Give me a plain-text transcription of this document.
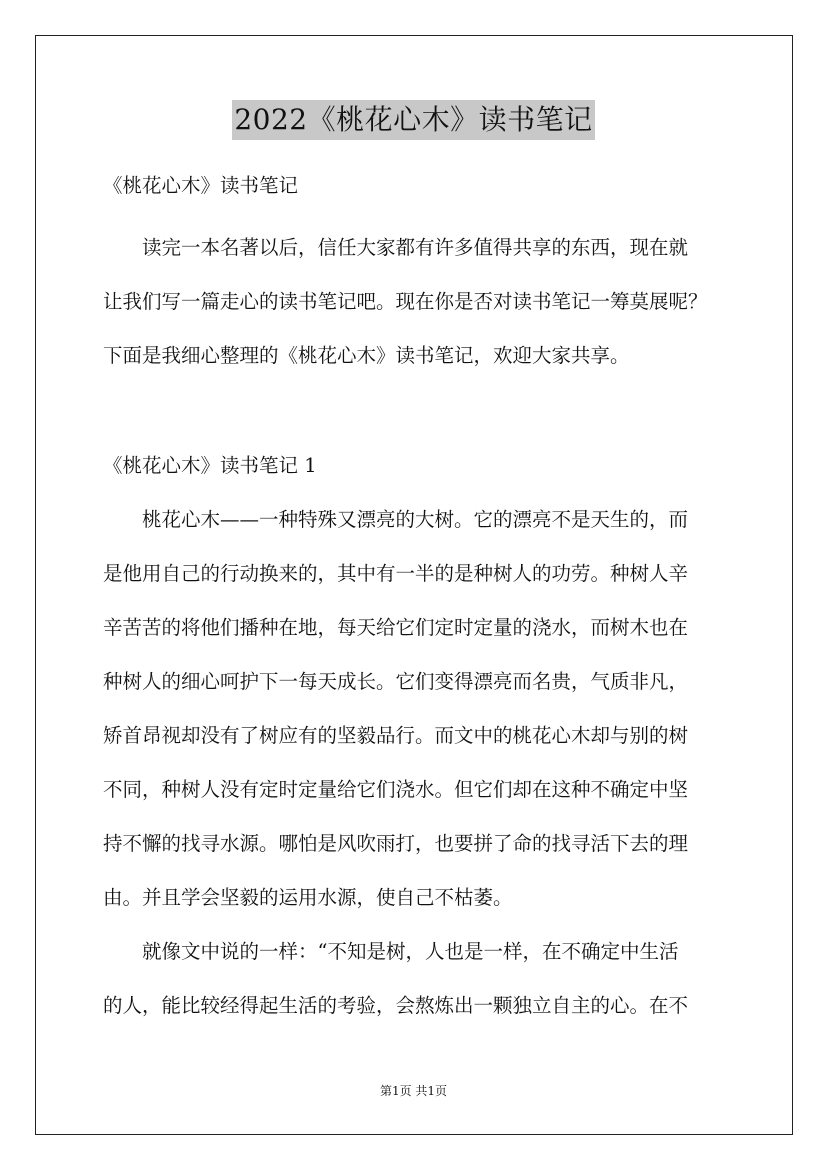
2022《桃花心木》读书笔记
《桃花心木》读书笔记
读完一本名著以后，信任大家都有许多值得共享的东西，现在就
让我们写一篇走心的读书笔记吧。现在你是否对读书笔记一筹莫展呢？
下面是我细心整理的《桃花心木》读书笔记，欢迎大家共享。
《桃花心木》读书笔记 1
桃花心木——一种特殊又漂亮的大树。它的漂亮不是天生的，而
是他用自己的行动换来的，其中有一半的是种树人的功劳。种树人辛
辛苦苦的将他们播种在地，每天给它们定时定量的浇水，而树木也在
种树人的细心呵护下一每天成长。它们变得漂亮而名贵，气质非凡，
矫首昂视却没有了树应有的坚毅品行。而文中的桃花心木却与别的树
不同，种树人没有定时定量给它们浇水。但它们却在这种不确定中坚
持不懈的找寻水源。哪怕是风吹雨打，也要拼了命的找寻活下去的理
由。并且学会坚毅的运用水源，使自己不枯萎。
就像文中说的一样：“不知是树，人也是一样，在不确定中生活
的人，能比较经得起生活的考验，会熬炼出一颗独立自主的心。在不
第1页 共1页
